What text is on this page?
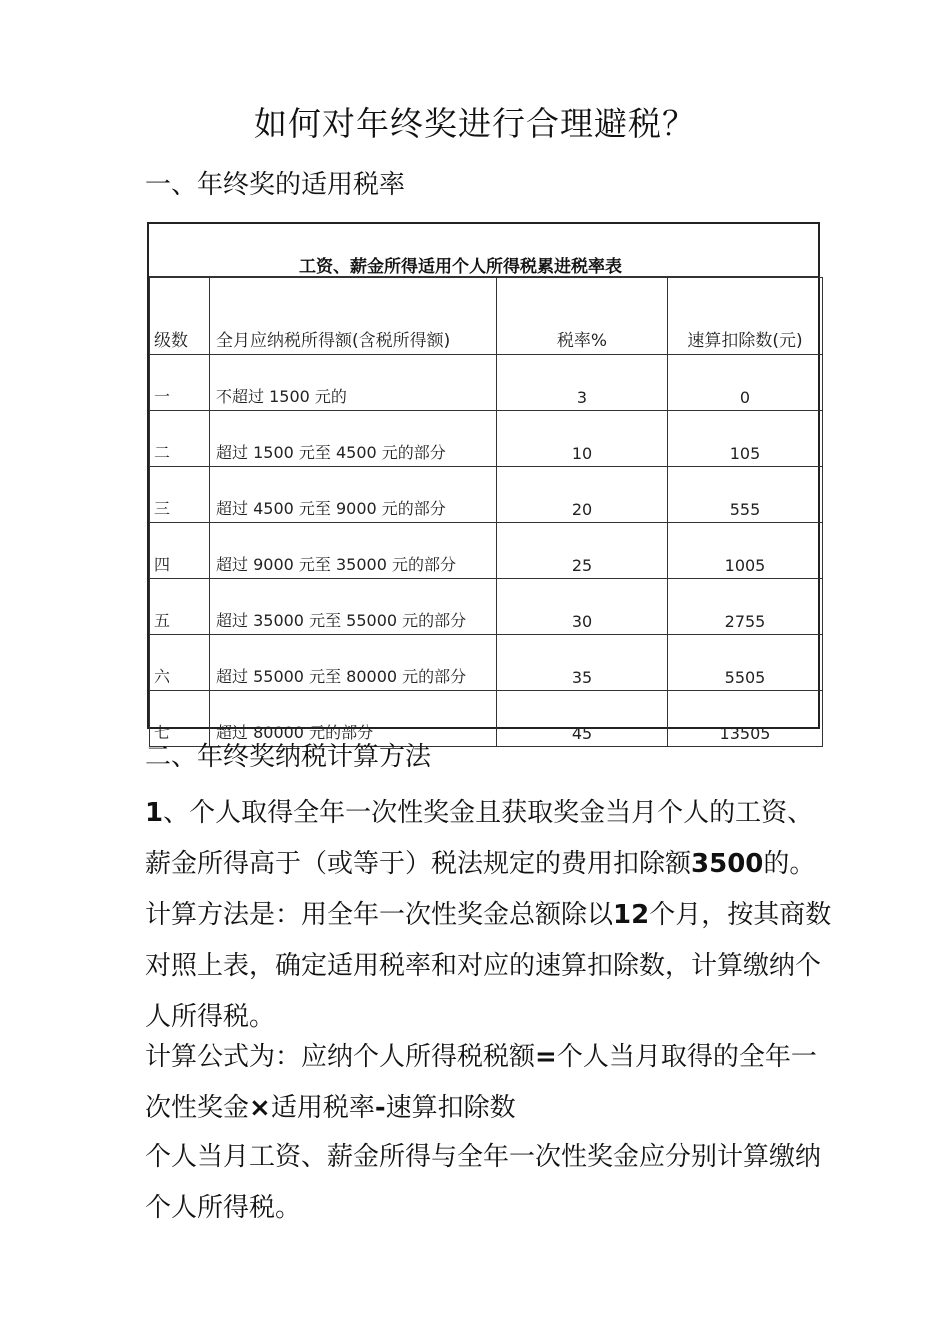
如何对年终奖进行合理避税？
一、年终奖的适用税率
工资、薪金所得适用个人所得税累进税率表
级数	全月应纳税所得额(含税所得额)	税率%	速算扣除数(元)
一	不超过 1500 元的	3	0
二	超过 1500 元至 4500 元的部分	10	105
三	超过 4500 元至 9000 元的部分	20	555
四	超过 9000 元至 35000 元的部分	25	1005
五	超过 35000 元至 55000 元的部分	30	2755
六	超过 55000 元至 80000 元的部分	35	5505
七	超过 80000 元的部分	45	13505
二、年终奖纳税计算方法

1、个人取得全年一次性奖金且获取奖金当月个人的工资、薪金所得高于（或等于）税法规定的费用扣除额3500的。计算方法是：用全年一次性奖金总额除以12个月，按其商数对照上表，确定适用税率和对应的速算扣除数，计算缴纳个人所得税。

计算公式为：应纳个人所得税税额=个人当月取得的全年一次性奖金×适用税率-速算扣除数

个人当月工资、薪金所得与全年一次性奖金应分别计算缴纳个人所得税。
